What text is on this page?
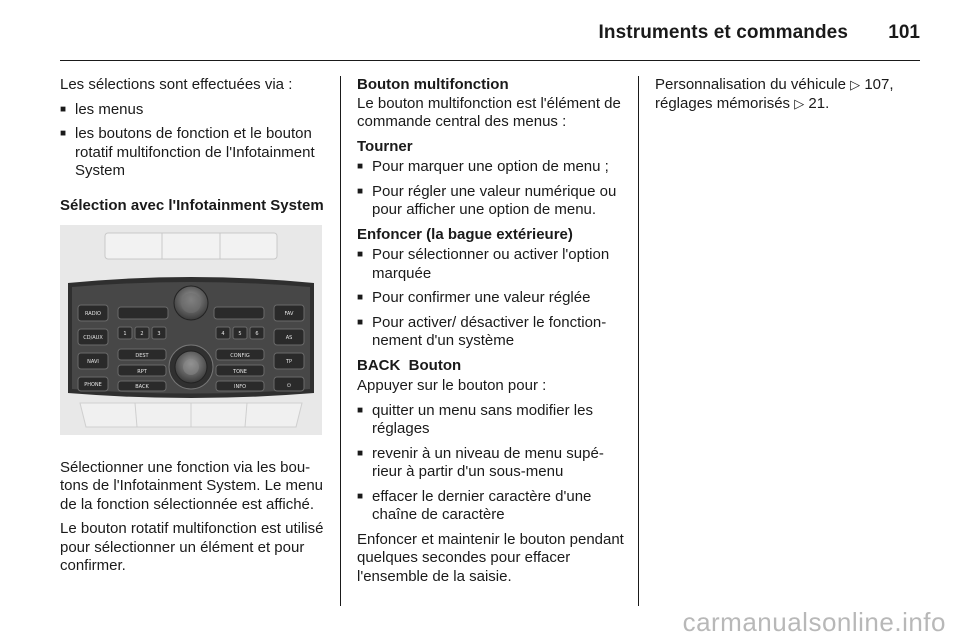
Instruments et commandes 101

Les sélections sont effectuées via :

■ les menus
■ les boutons de fonction et le bouton rotatif multifonction de l'Infotainment System

Sélection avec l'Infotainment System

RADIO
CD/AUX
NAVI
PHONE
FAV
AS
TP
⏻
1	2	3	4	5	6
DEST	CONFIG
RPT	TONE
BACK	INFO

Sélectionner une fonction via les boutons de l'Infotainment System. Le menu de la fonction sélectionnée est affiché.

Le bouton rotatif multifonction est utilisé pour sélectionner un élément et pour confirmer.

Bouton multifonction

Le bouton multifonction est l'élément de commande central des menus :

Tourner

■ Pour marquer une option de menu ;
■ Pour régler une valeur numérique ou pour afficher une option de menu.

Enfoncer (la bague extérieure)

■ Pour sélectionner ou activer l'option marquée
■ Pour confirmer une valeur réglée
■ Pour activer/ désactiver le fonctionnement d'un système

BACK  Bouton

Appuyer sur le bouton pour :

■ quitter un menu sans modifier les réglages
■ revenir à un niveau de menu supérieur à partir d'un sous-menu
■ effacer le dernier caractère d'une chaîne de caractère

Enfoncer et maintenir le bouton pendant quelques secondes pour effacer l'ensemble de la saisie.

Personnalisation du véhicule ▷ 107,
réglages mémorisés ▷ 21.

carmanualsonline.info
